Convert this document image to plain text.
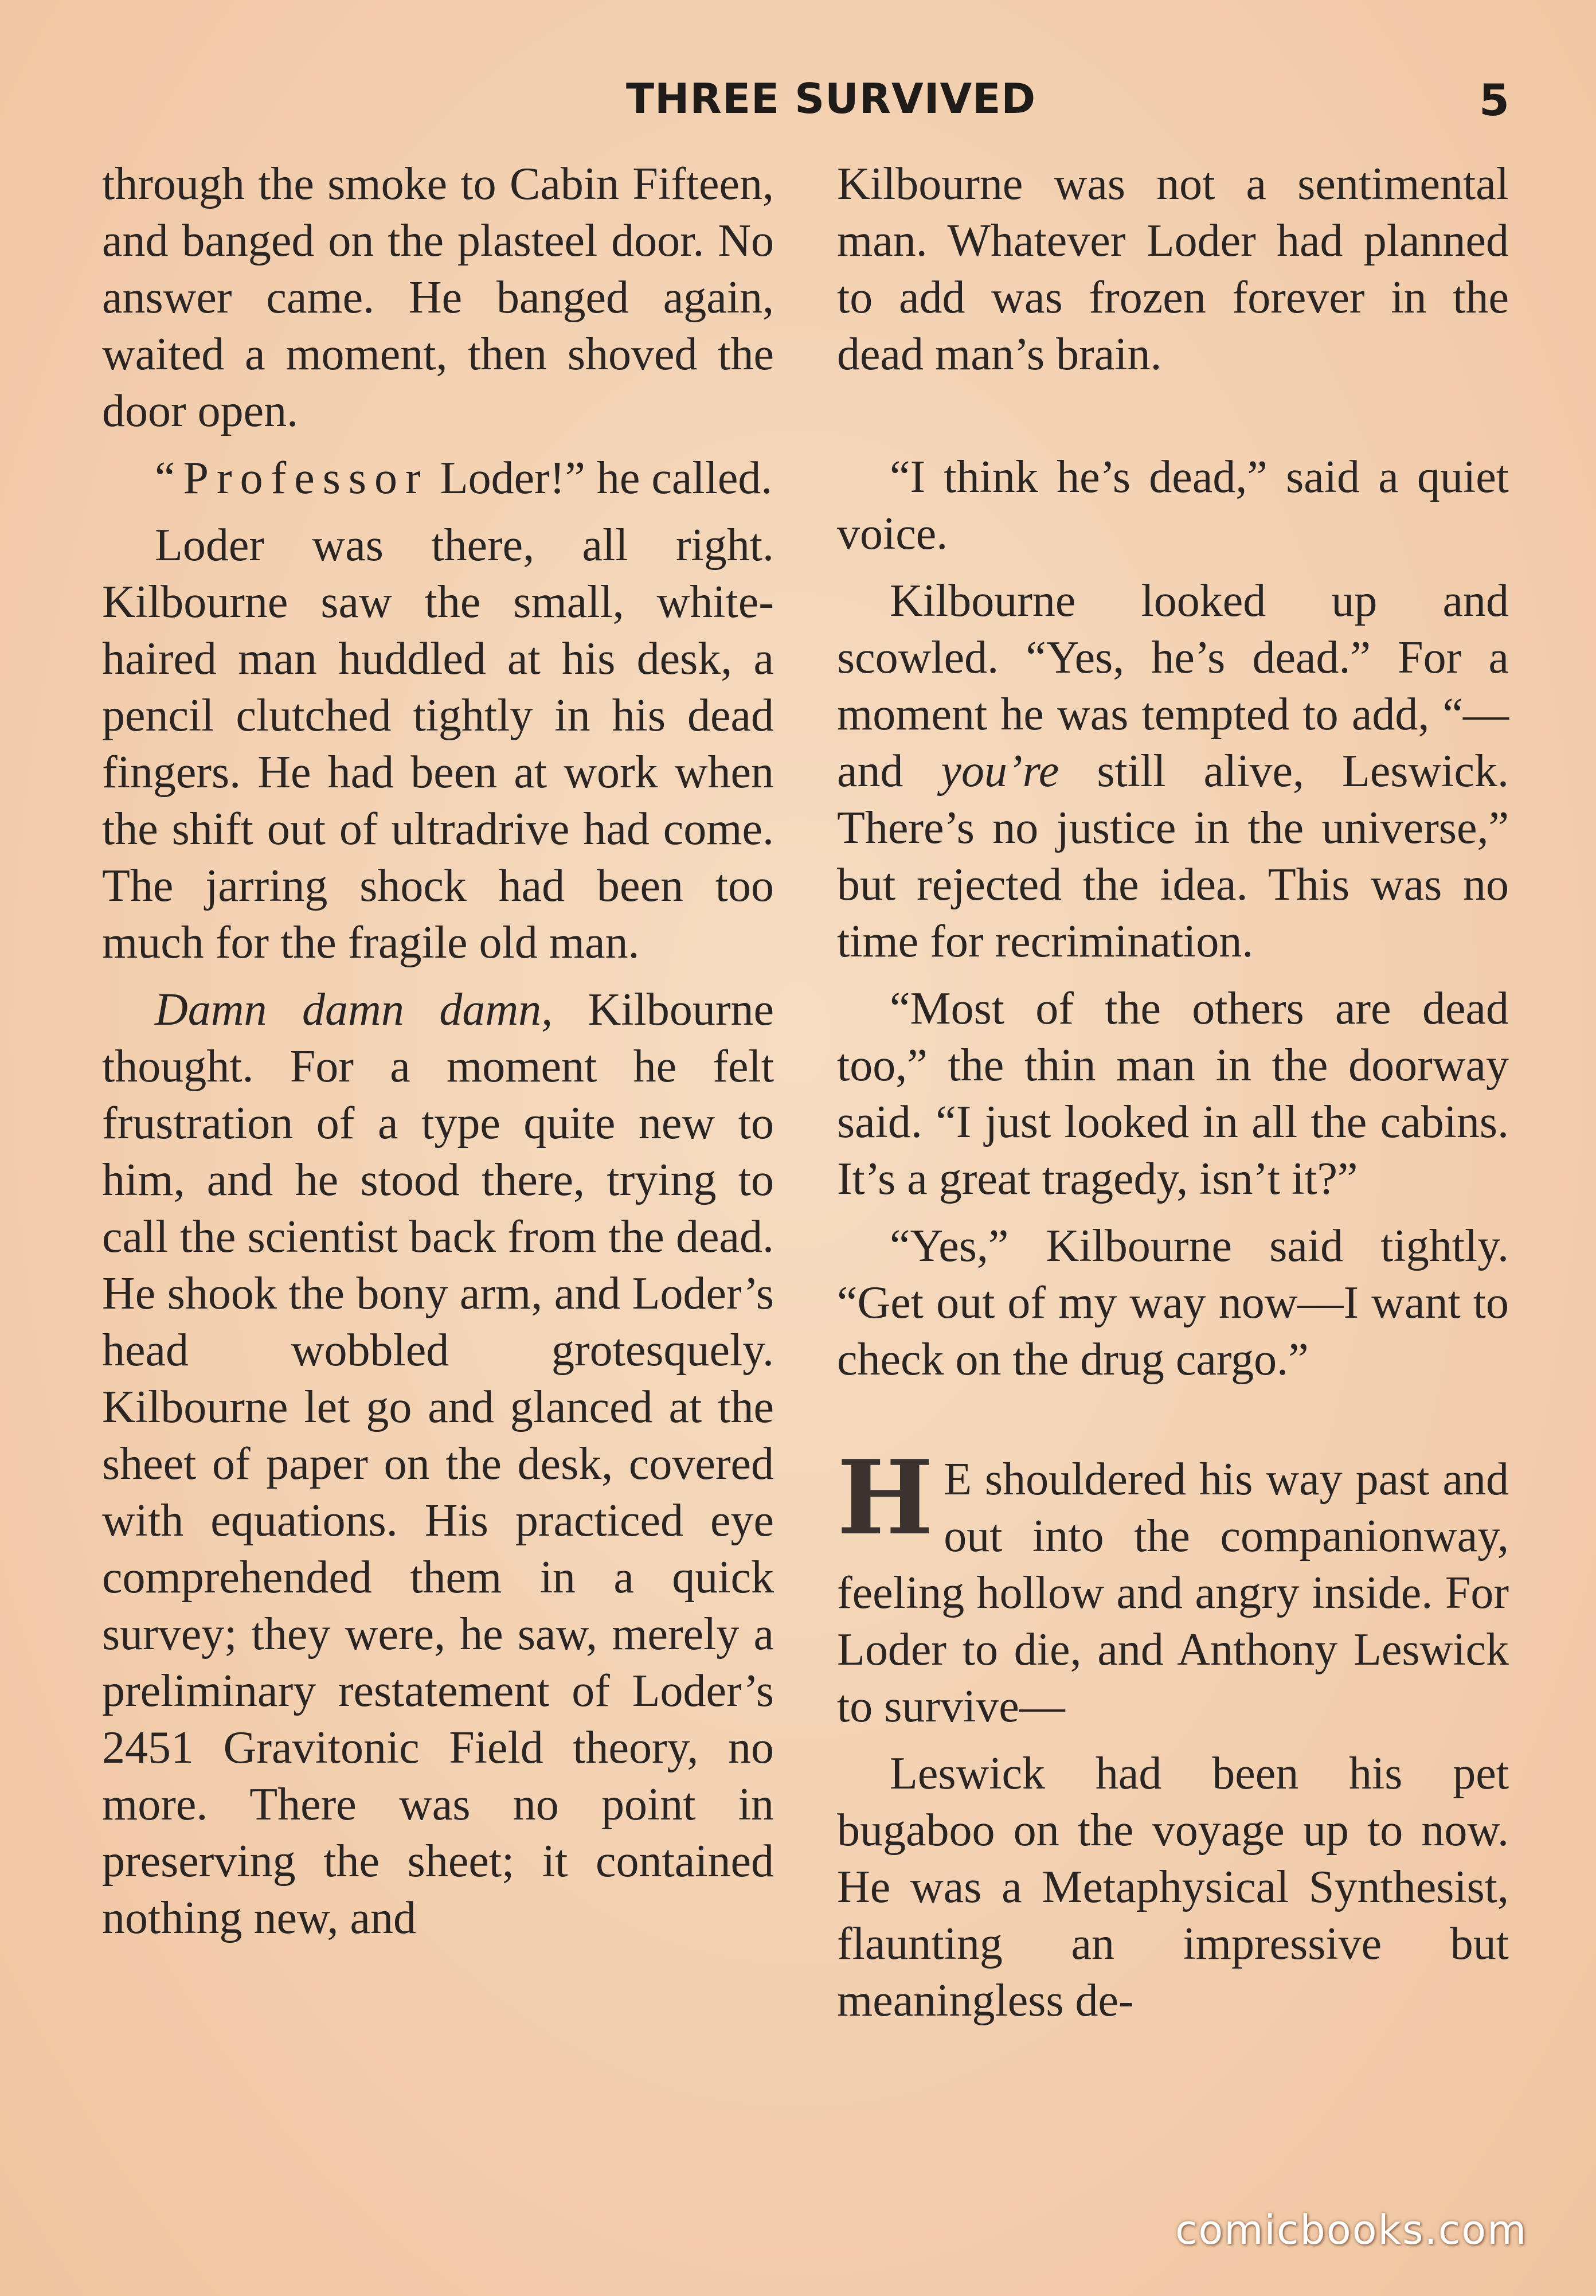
THREE SURVIVED	5

through the smoke to Cabin Fifteen, and banged on the plasteel door. No answer came. He banged again, waited a moment, then shoved the door open.

“Professor Loder!” he called.

Loder was there, all right. Kilbourne saw the small, white-haired man huddled at his desk, a pencil clutched tightly in his dead fingers. He had been at work when the shift out of ultradrive had come. The jarring shock had been too much for the fragile old man.

Damn damn damn, Kilbourne thought. For a moment he felt frustration of a type quite new to him, and he stood there, trying to call the scientist back from the dead. He shook the bony arm, and Loder’s head wobbled grotesquely. Kilbourne let go and glanced at the sheet of paper on the desk, covered with equations. His practiced eye comprehended them in a quick survey; they were, he saw, merely a preliminary restatement of Loder’s 2451 Gravitonic Field theory, no more. There was no point in preserving the sheet; it contained nothing new, and

Kilbourne was not a sentimental man. Whatever Loder had planned to add was frozen forever in the dead man’s brain.

“I think he’s dead,” said a quiet voice.

Kilbourne looked up and scowled. “Yes, he’s dead.” For a moment he was tempted to add, “—and you’re still alive, Leswick. There’s no justice in the universe,” but rejected the idea. This was no time for recrimination.

“Most of the others are dead too,” the thin man in the doorway said. “I just looked in all the cabins. It’s a great tragedy, isn’t it?”

“Yes,” Kilbourne said tightly. “Get out of my way now—I want to check on the drug cargo.”

H E shouldered his way past and out into the companionway, feeling hollow and angry inside. For Loder to die, and Anthony Leswick to survive—

Leswick had been his pet bugaboo on the voyage up to now. He was a Metaphysical Synthesist, flaunting an impressive but meaningless de-

comicbooks.com
